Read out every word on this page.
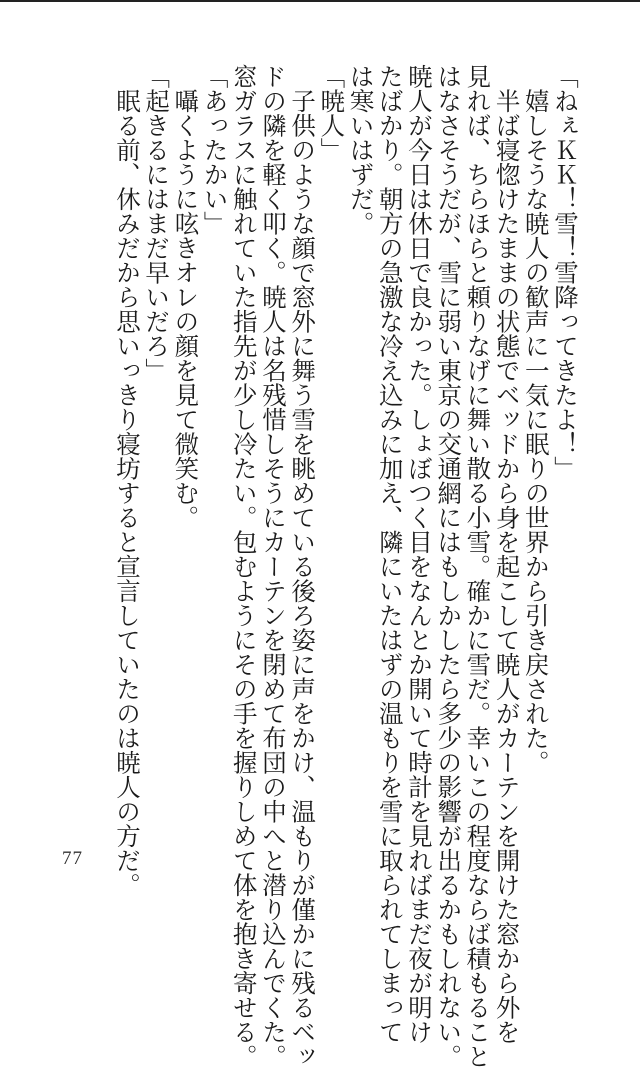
「ねぇＫＫ！雪！雪降ってきたよ！」
　嬉しそうな暁人の歓声に一気に眠りの世界から引き戻された。
　半ば寝惚けたままの状態でベッドから身を起こして暁人がカーテンを開けた窓から外を
見れば、ちらほらと頼りなげに舞い散る小雪。確かに雪だ。幸いこの程度ならば積もること
はなさそうだが、雪に弱い東京の交通網にはもしかしたら多少の影響が出るかもしれない。
暁人が今日は休日で良かった。しょぼつく目をなんとか開いて時計を見ればまだ夜が明け
たばかり。朝方の急激な冷え込みに加え、隣にいたはずの温もりを雪に取られてしまって
は寒いはずだ。
「暁人」
　子供のような顔で窓外に舞う雪を眺めている後ろ姿に声をかけ、温もりが僅かに残るベッ
ドの隣を軽く叩く。暁人は名残惜しそうにカーテンを閉めて布団の中へと潜り込んでくた。
窓ガラスに触れていた指先が少し冷たい。包むようにその手を握りしめて体を抱き寄せる。
「あったかい」
　囁くように呟きオレの顔を見て微笑む。
「起きるにはまだ早いだろ」
　眠る前、休みだから思いっきり寝坊すると宣言していたのは暁人の方だ。
77
